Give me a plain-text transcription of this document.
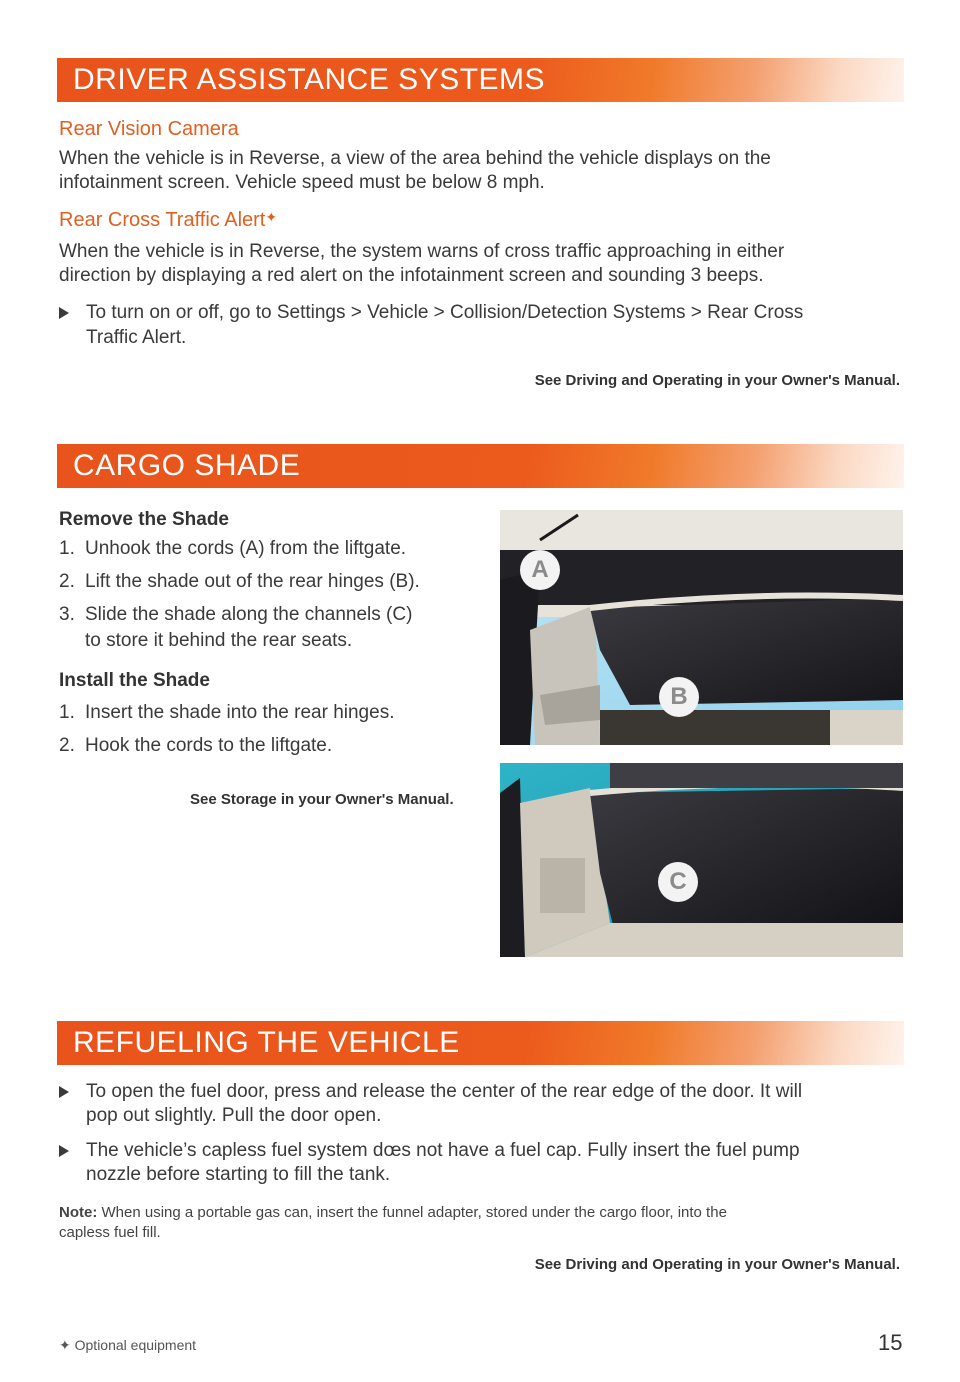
DRIVER ASSISTANCE SYSTEMS
Rear Vision Camera
When the vehicle is in Reverse, a view of the area behind the vehicle displays on the
infotainment screen. Vehicle speed must be below 8 mph.
Rear Cross Traffic Alert✦
When the vehicle is in Reverse, the system warns of cross traffic approaching in either
direction by displaying a red alert on the infotainment screen and sounding 3 beeps.
To turn on or off, go to Settings > Vehicle > Collision/Detection Systems > Rear Cross
Traffic Alert.
See Driving and Operating in your Owner's Manual.
CARGO SHADE
Remove the Shade
1. Unhook the cords (A) from the liftgate.
2. Lift the shade out of the rear hinges (B).
3. Slide the shade along the channels (C)
to store it behind the rear seats.
Install the Shade
1. Insert the shade into the rear hinges.
2. Hook the cords to the liftgate.
See Storage in your Owner's Manual.
A
B
C
REFUELING THE VEHICLE
To open the fuel door, press and release the center of the rear edge of the door. It will
pop out slightly. Pull the door open.
The vehicle’s capless fuel system dœs not have a fuel cap. Fully insert the fuel pump
nozzle before starting to fill the tank.
Note: When using a portable gas can, insert the funnel adapter, stored under the cargo floor, into the
capless fuel fill.
See Driving and Operating in your Owner's Manual.
✦ Optional equipment	15
